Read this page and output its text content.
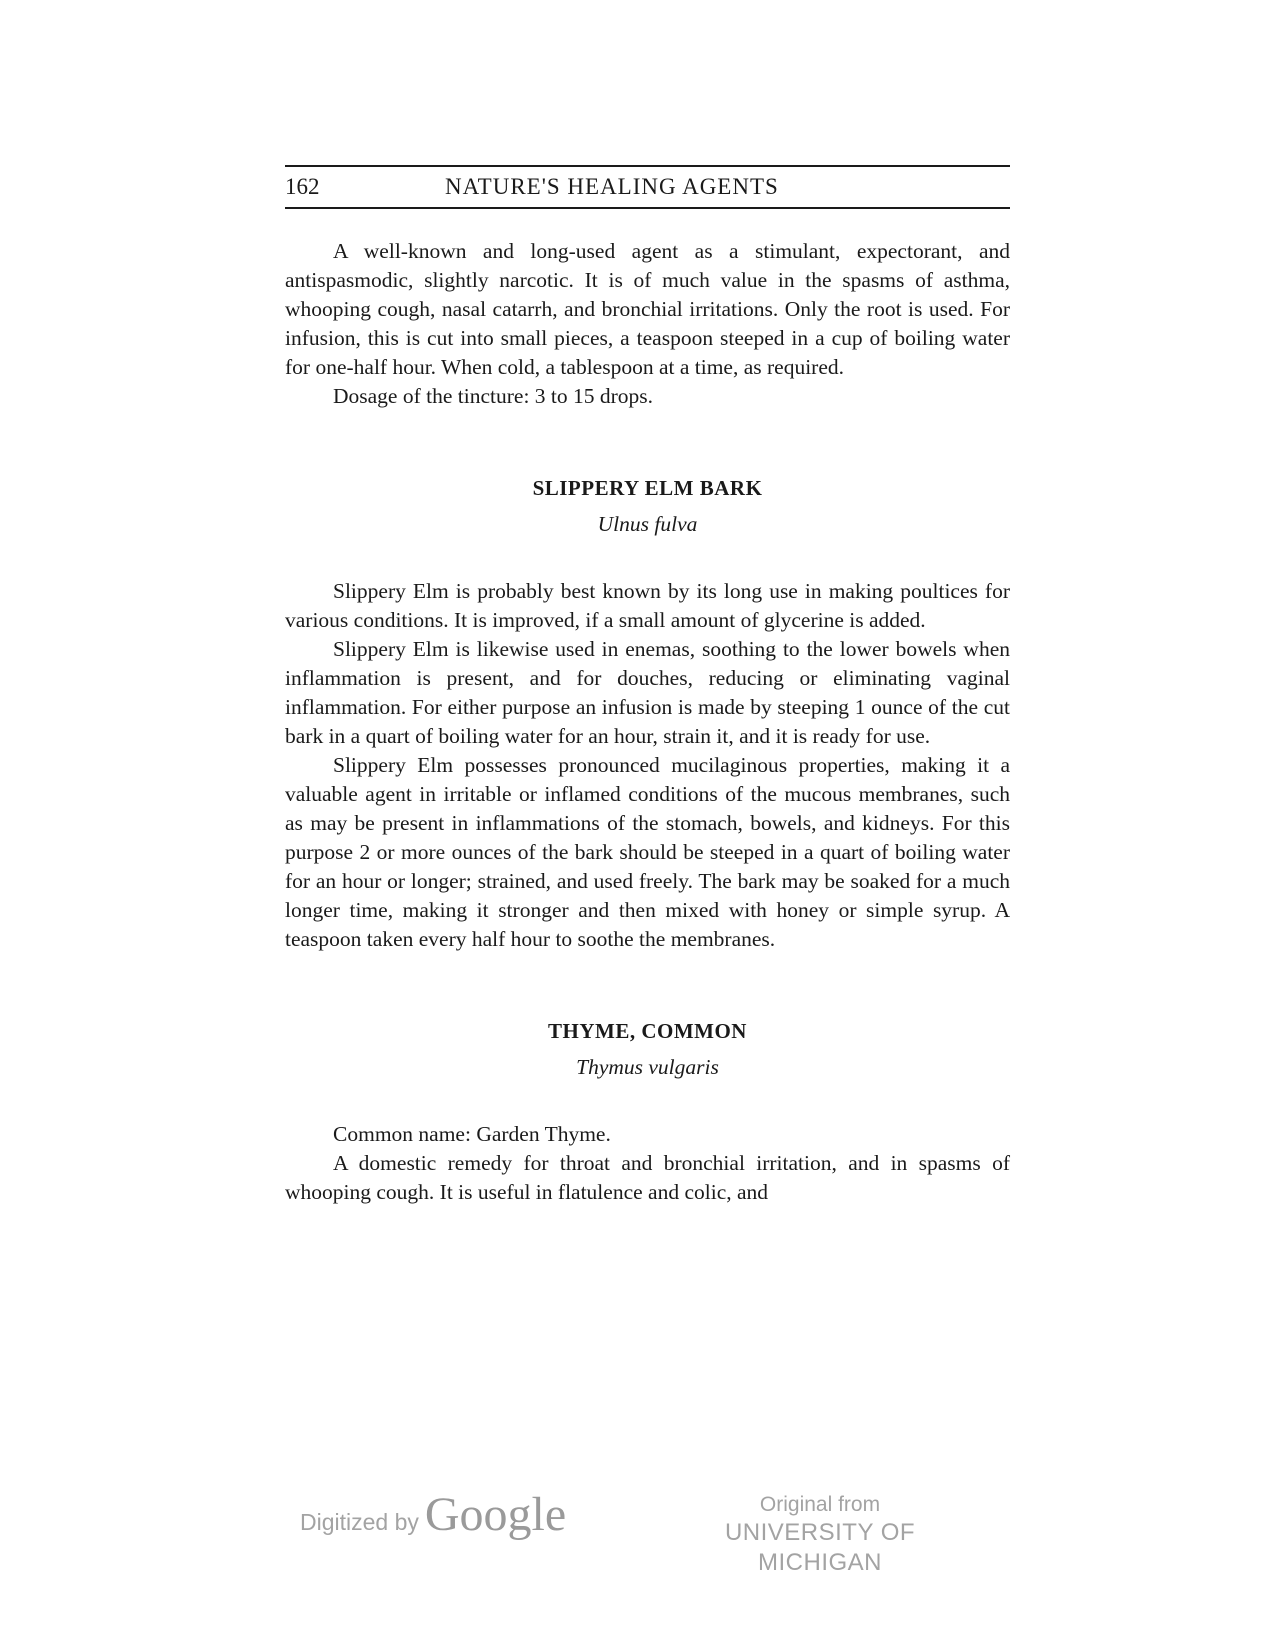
162	NATURE'S HEALING AGENTS

A well-known and long-used agent as a stimulant, expectorant, and antispasmodic, slightly narcotic. It is of much value in the spasms of asthma, whooping cough, nasal catarrh, and bronchial irritations. Only the root is used. For infusion, this is cut into small pieces, a teaspoon steeped in a cup of boiling water for one-half hour. When cold, a tablespoon at a time, as required.

Dosage of the tincture: 3 to 15 drops.

SLIPPERY ELM BARK
Ulnus fulva

Slippery Elm is probably best known by its long use in making poultices for various conditions. It is improved, if a small amount of glycerine is added.

Slippery Elm is likewise used in enemas, soothing to the lower bowels when inflammation is present, and for douches, reducing or eliminating vaginal inflammation. For either purpose an infusion is made by steeping 1 ounce of the cut bark in a quart of boiling water for an hour, strain it, and it is ready for use.

Slippery Elm possesses pronounced mucilaginous properties, making it a valuable agent in irritable or inflamed conditions of the mucous membranes, such as may be present in inflammations of the stomach, bowels, and kidneys. For this purpose 2 or more ounces of the bark should be steeped in a quart of boiling water for an hour or longer; strained, and used freely. The bark may be soaked for a much longer time, making it stronger and then mixed with honey or simple syrup. A teaspoon taken every half hour to soothe the membranes.

THYME, COMMON
Thymus vulgaris

Common name: Garden Thyme.

A domestic remedy for throat and bronchial irritation, and in spasms of whooping cough. It is useful in flatulence and colic, and

Digitized by Google	Original from
UNIVERSITY OF MICHIGAN
